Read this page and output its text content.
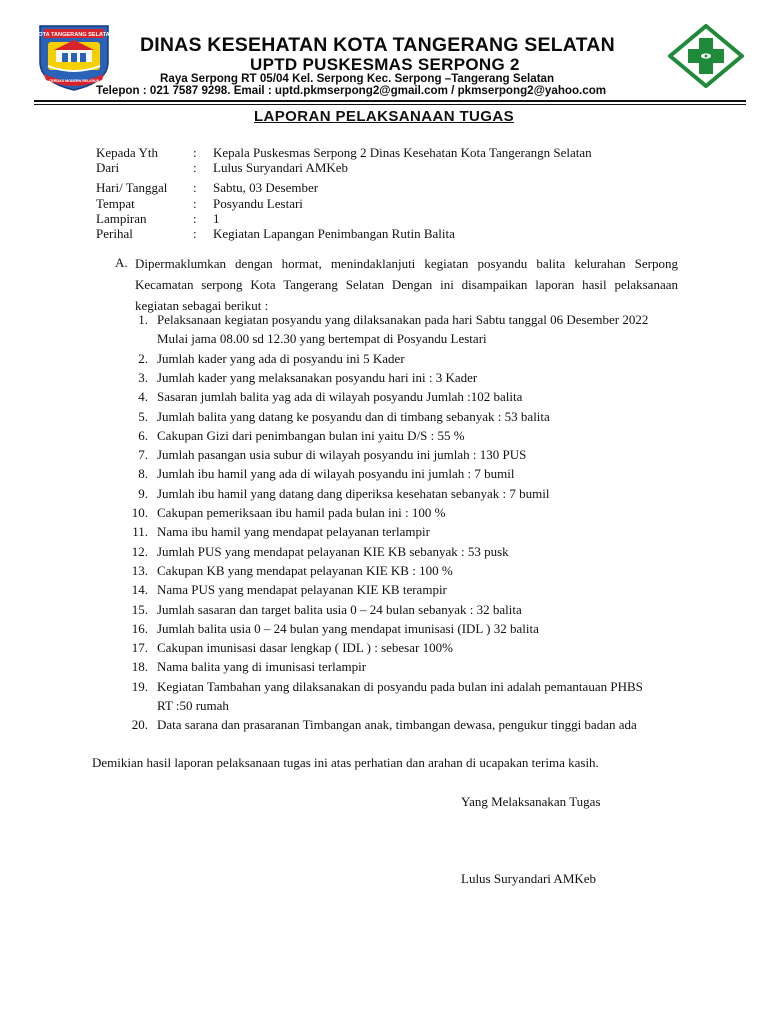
KOTA TANGERANG SELATAN
CERDAS MODERN RELIGIUS
DINAS KESEHATAN KOTA TANGERANG SELATAN
UPTD PUSKESMAS SERPONG 2
Raya Serpong RT 05/04 Kel. Serpong Kec. Serpong –Tangerang Selatan
Telepon : 021 7587 9298. Email : uptd.pkmserpong2@gmail.com / pkmserpong2@yahoo.com
LAPORAN PELAKSANAAN TUGAS
Kepada Yth	: Kepala Puskesmas Serpong 2 Dinas Kesehatan Kota Tangerangn Selatan
Dari	: Lulus Suryandari AMKeb
Hari/ Tanggal : Sabtu, 03 Desember
Tempat	: Posyandu Lestari
Lampiran	: 1
Perihal	: Kegiatan Lapangan Penimbangan Rutin Balita
A. Dipermaklumkan dengan hormat, menindaklanjuti kegiatan posyandu balita kelurahan Serpong Kecamatan serpong Kota Tangerang Selatan Dengan ini disampaikan laporan hasil pelaksanaan kegiatan sebagai berikut :
1. Pelaksanaan kegiatan posyandu yang dilaksanakan pada hari Sabtu tanggal 06 Desember 2022
Mulai jama 08.00 sd 12.30 yang bertempat di Posyandu Lestari
2. Jumlah kader yang ada di posyandu ini 5 Kader
3. Jumlah kader yang melaksanakan posyandu hari ini : 3 Kader
4. Sasaran jumlah balita yag ada di wilayah posyandu Jumlah :102 balita
5. Jumlah balita yang datang ke posyandu dan di timbang sebanyak : 53 balita
6. Cakupan Gizi dari penimbangan bulan ini yaitu D/S : 55 %
7. Jumlah pasangan usia subur di wilayah posyandu ini jumlah : 130 PUS
8. Jumlah ibu hamil yang ada di wilayah posyandu ini jumlah : 7 bumil
9. Jumlah ibu hamil yang datang dang diperiksa kesehatan sebanyak : 7 bumil
10. Cakupan pemeriksaan ibu hamil pada bulan ini : 100 %
11. Nama ibu hamil yang mendapat pelayanan terlampir
12. Jumlah PUS yang mendapat pelayanan KIE KB sebanyak : 53 pusk
13. Cakupan KB yang mendapat pelayanan KIE KB : 100 %
14. Nama PUS yang mendapat pelayanan KIE KB terampir
15. Jumlah sasaran dan target balita usia 0 – 24 bulan sebanyak : 32 balita
16. Jumlah balita usia 0 – 24 bulan yang mendapat imunisasi (IDL ) 32 balita
17. Cakupan imunisasi dasar lengkap ( IDL ) : sebesar 100%
18. Nama balita yang di imunisasi terlampir
19. Kegiatan Tambahan yang dilaksanakan di posyandu pada bulan ini adalah pemantauan PHBS
RT :50 rumah
20. Data sarana dan prasaranan Timbangan anak, timbangan dewasa, pengukur tinggi badan ada
Demikian hasil laporan pelaksanaan tugas ini atas perhatian dan arahan di ucapakan terima kasih.
Yang Melaksanakan Tugas
Lulus Suryandari AMKeb
